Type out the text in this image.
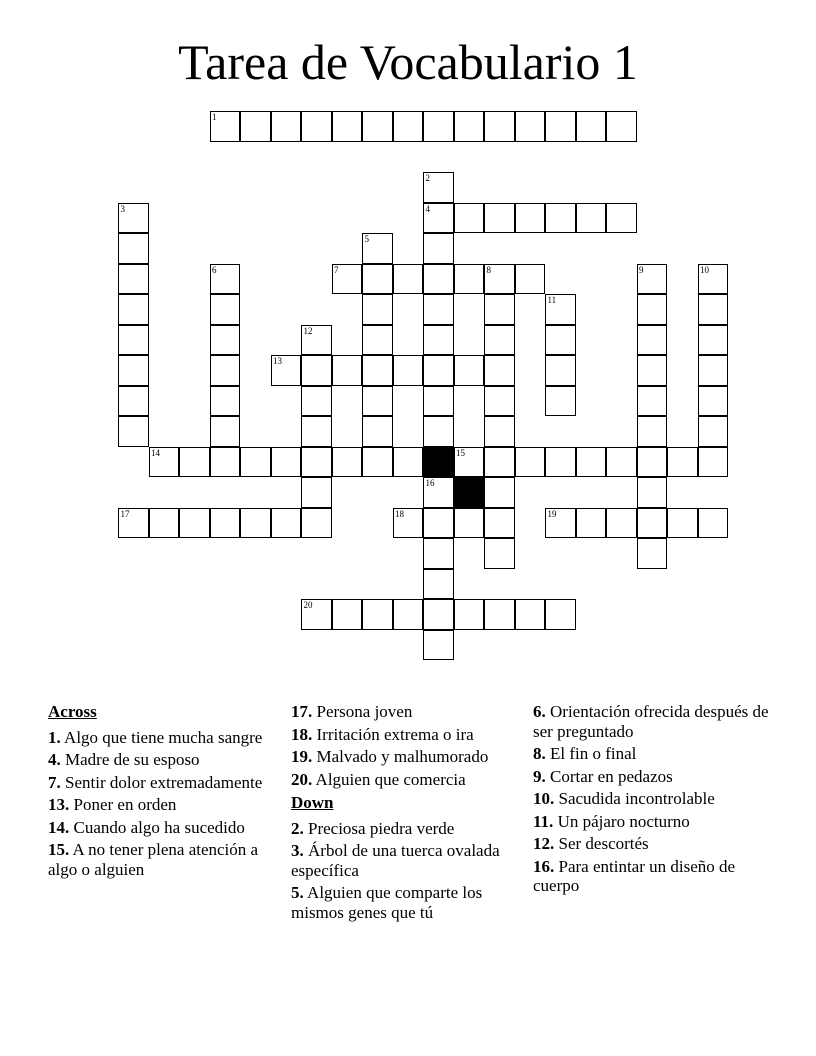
Tarea de Vocabulario 1
1
2
4
3
5
6	7	8	9	10
11
12
13
14	15
16
17	18	19
20
Across
1. Algo que tiene mucha sangre
4. Madre de su esposo
7. Sentir dolor extremadamente
13. Poner en orden
14. Cuando algo ha sucedido
15. A no tener plena atención a algo o alguien
17. Persona joven
18. Irritación extrema o ira
19. Malvado y malhumorado
20. Alguien que comercia
Down
2. Preciosa piedra verde
3. Árbol de una tuerca ovalada específica
5. Alguien que comparte los mismos genes que tú
6. Orientación ofrecida después de ser preguntado
8. El fin o final
9. Cortar en pedazos
10. Sacudida incontrolable
11. Un pájaro nocturno
12. Ser descortés
16. Para entintar un diseño de cuerpo
